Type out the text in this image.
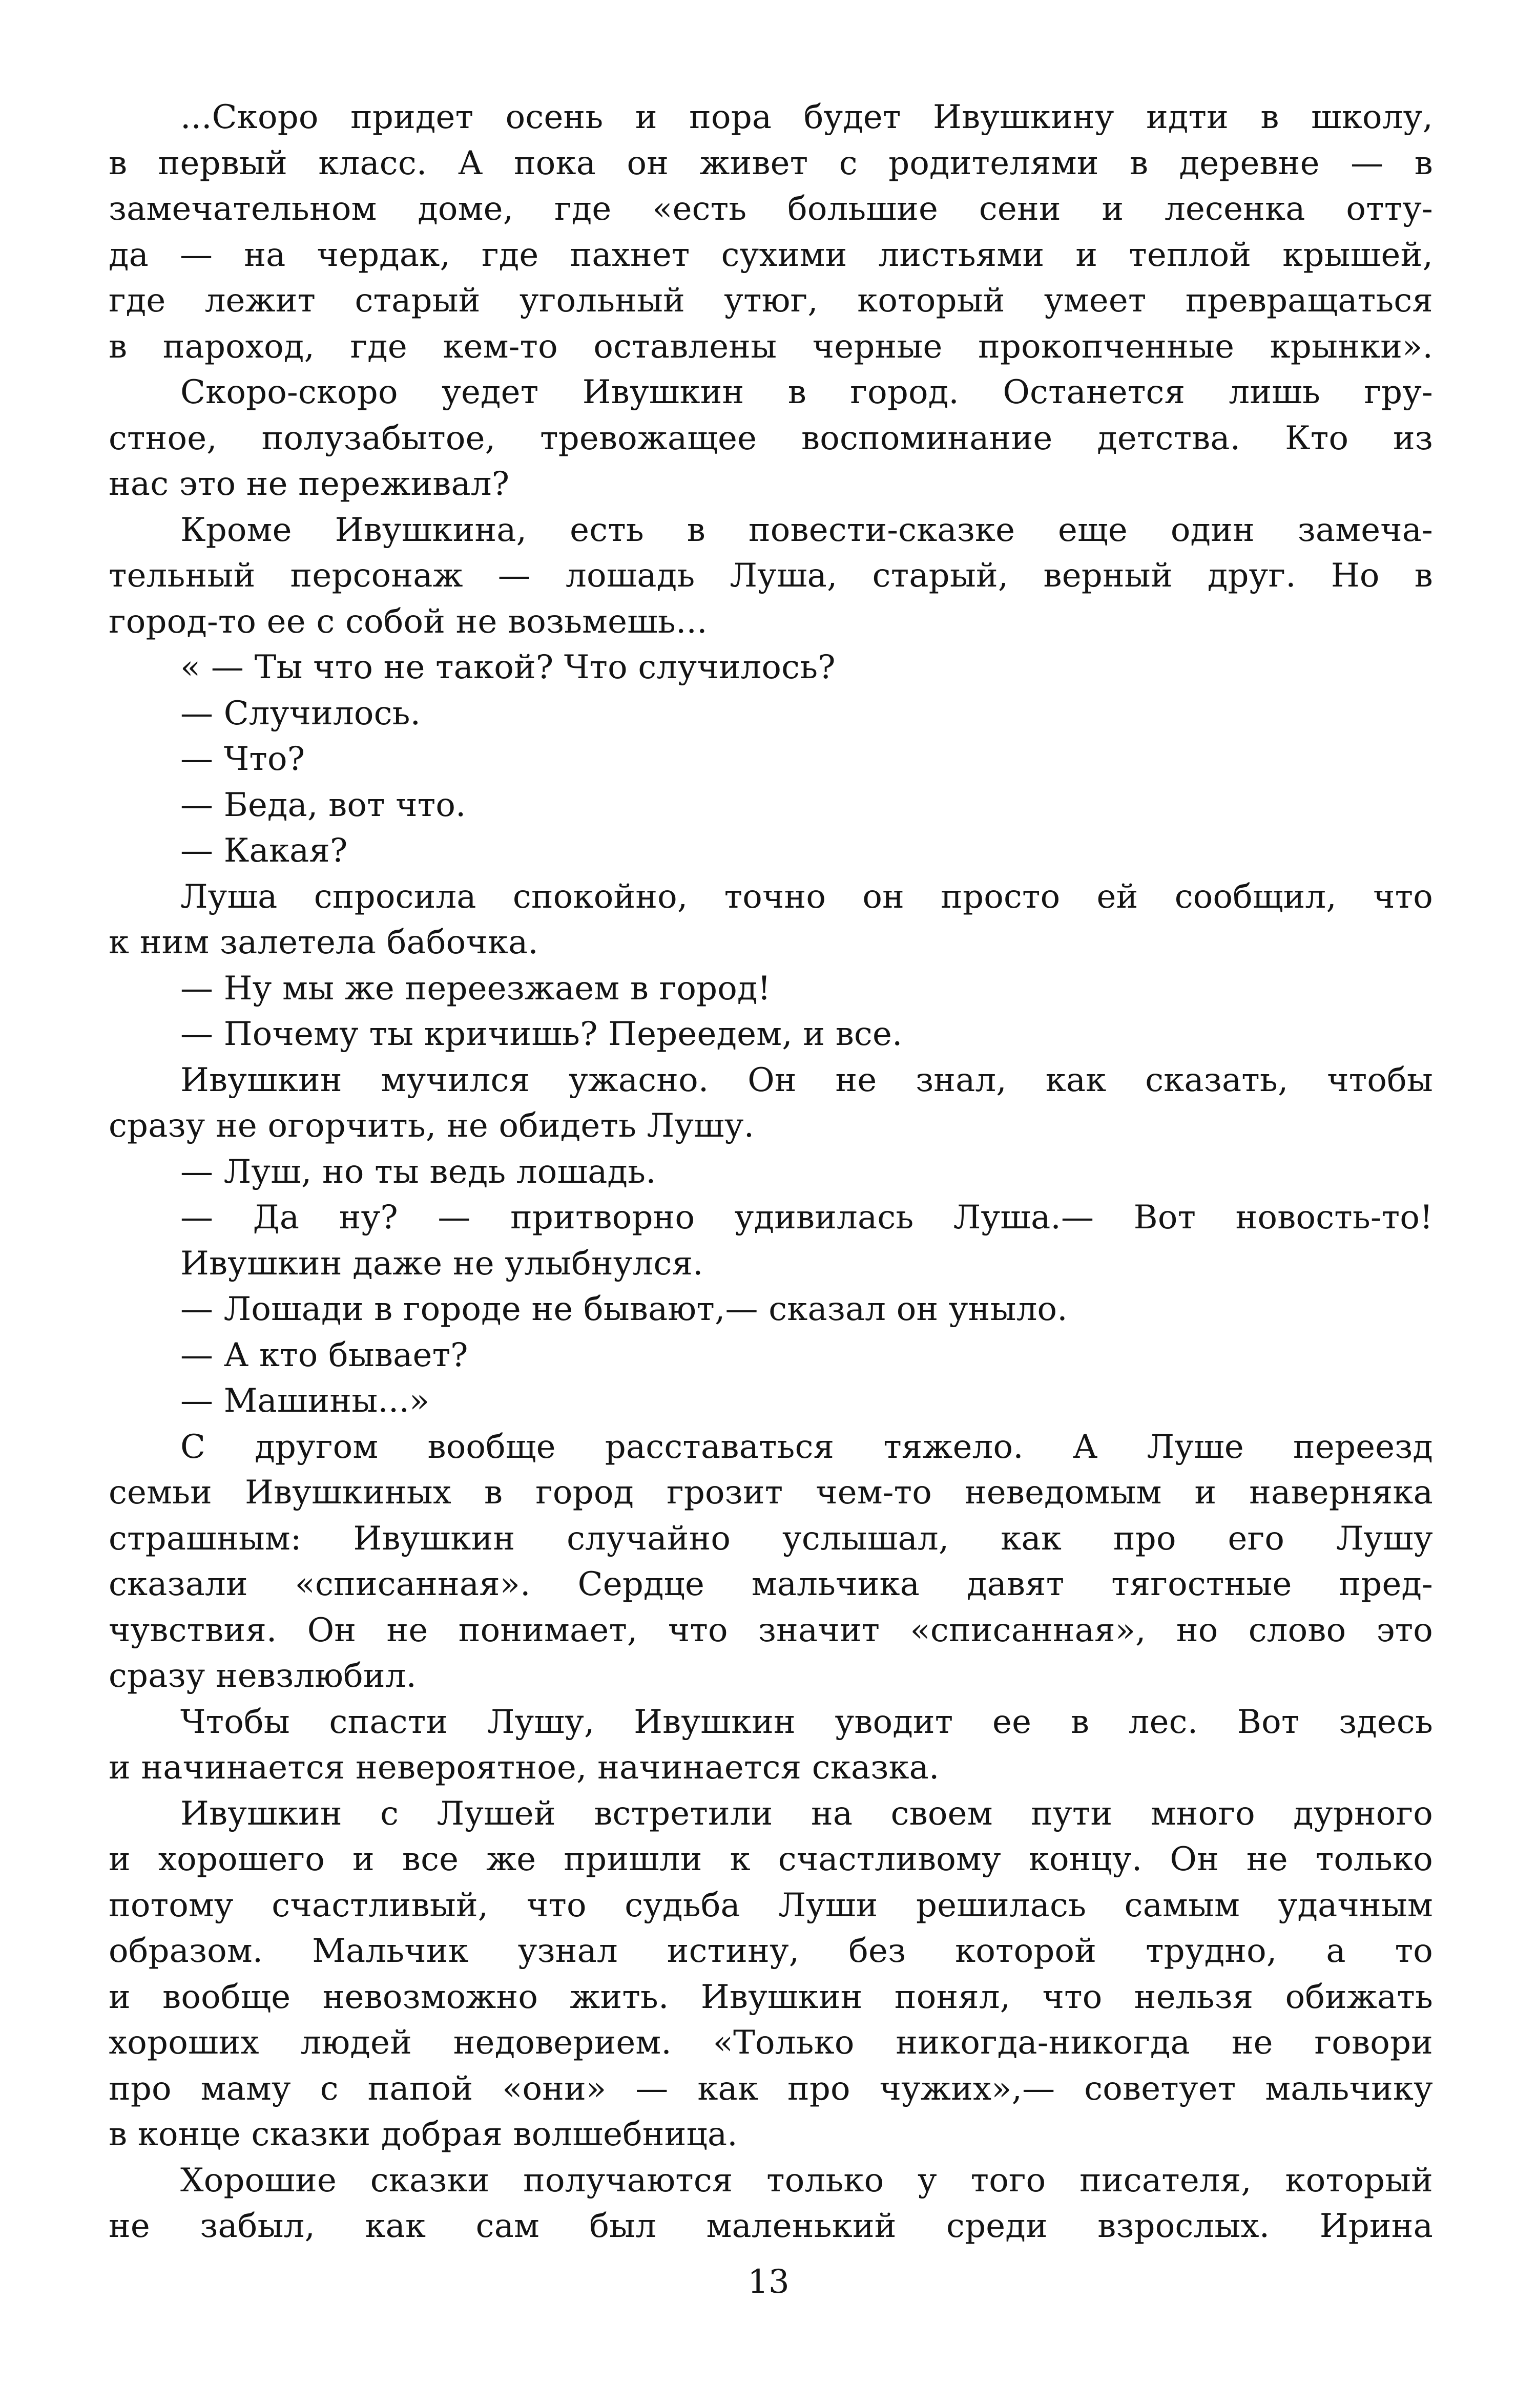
...Скоро придет осень и пора будет Ивушкину идти в школу,
в первый класс. А пока он живет с родителями в деревне — в
замечательном доме, где «есть большие сени и лесенка отту-
да — на чердак, где пахнет сухими листьями и теплой крышей,
где лежит старый угольный утюг, который умеет превращаться
в пароход, где кем-то оставлены черные прокопченные крынки».
Скоро-скоро уедет Ивушкин в город. Останется лишь гру-
стное, полузабытое, тревожащее воспоминание детства. Кто из
нас это не переживал?
Кроме Ивушкина, есть в повести-сказке еще один замеча-
тельный персонаж — лошадь Луша, старый, верный друг. Но в
город-то ее с собой не возьмешь...
« — Ты что не такой? Что случилось?
— Случилось.
— Что?
— Беда, вот что.
— Какая?
Луша спросила спокойно, точно он просто ей сообщил, что
к ним залетела бабочка.
— Ну мы же переезжаем в город!
— Почему ты кричишь? Переедем, и все.
Ивушкин мучился ужасно. Он не знал, как сказать, чтобы
сразу не огорчить, не обидеть Лушу.
— Луш, но ты ведь лошадь.
— Да ну? — притворно удивилась Луша.— Вот новость-то!
Ивушкин даже не улыбнулся.
— Лошади в городе не бывают,— сказал он уныло.
— А кто бывает?
— Машины...»
С другом вообще расставаться тяжело. А Луше переезд
семьи Ивушкиных в город грозит чем-то неведомым и наверняка
страшным: Ивушкин случайно услышал, как про его Лушу
сказали «списанная». Сердце мальчика давят тягостные пред-
чувствия. Он не понимает, что значит «списанная», но слово это
сразу невзлюбил.
Чтобы спасти Лушу, Ивушкин уводит ее в лес. Вот здесь
и начинается невероятное, начинается сказка.
Ивушкин с Лушей встретили на своем пути много дурного
и хорошего и все же пришли к счастливому концу. Он не только
потому счастливый, что судьба Луши решилась самым удачным
образом. Мальчик узнал истину, без которой трудно, а то
и вообще невозможно жить. Ивушкин понял, что нельзя обижать
хороших людей недоверием. «Только никогда-никогда не говори
про маму с папой «они» — как про чужих»,— советует мальчику
в конце сказки добрая волшебница.
Хорошие сказки получаются только у того писателя, который
не забыл, как сам был маленький среди взрослых. Ирина
13
